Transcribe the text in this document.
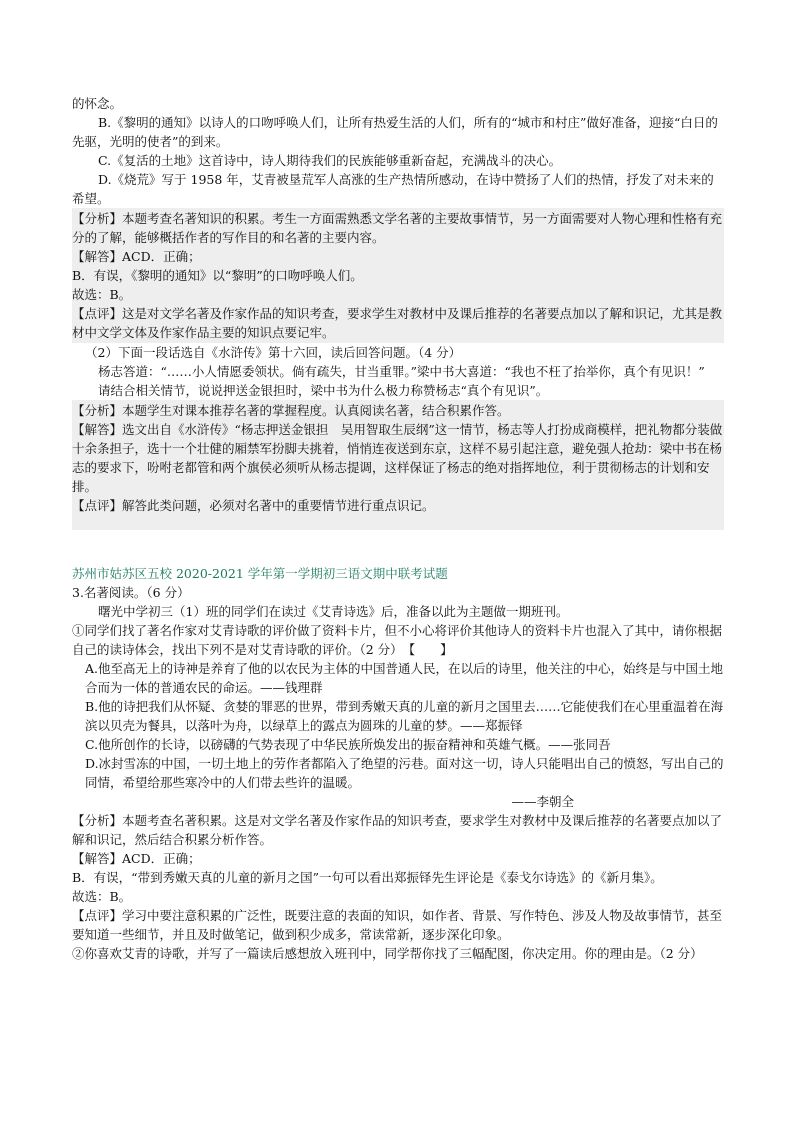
的怀念。

B.《黎明的通知》以诗人的口吻呼唤人们，让所有热爱生活的人们，所有的“城市和村庄”做好准备，迎接“白日的先驱，光明的使者”的到来。

C.《复活的土地》这首诗中，诗人期待我们的民族能够重新奋起，充满战斗的决心。

D.《烧荒》写于 1958 年，艾青被垦荒军人高涨的生产热情所感动，在诗中赞扬了人们的热情，抒发了对未来的希望。

【分析】本题考查名著知识的积累。考生一方面需熟悉文学名著的主要故事情节，另一方面需要对人物心理和性格有充分的了解，能够概括作者的写作目的和名著的主要内容。

【解答】ACD．正确；

B．有误，《黎明的通知》以“黎明”的口吻呼唤人们。

故选：B。

【点评】这是对文学名著及作家作品的知识考查，要求学生对教材中及课后推荐的名著要点加以了解和识记，尤其是教材中文学文体及作家作品主要的知识点要记牢。

（2）下面一段话选自《水浒传》第十六回，读后回答问题。（4 分）

杨志答道：“……小人情愿委领状。倘有疏失，甘当重罪。”梁中书大喜道：“我也不枉了抬举你，真个有见识！”

请结合相关情节，说说押送金银担时，梁中书为什么极力称赞杨志“真个有见识”。

【分析】本题学生对课本推荐名著的掌握程度。认真阅读名著，结合积累作答。

【解答】选文出自《水浒传》“杨志押送金银担　吴用智取生辰纲”这一情节，杨志等人打扮成商模样，把礼物都分装做十余条担子，选十一个壮健的厢禁军扮脚夫挑着，悄悄连夜送到东京，这样不易引起注意，避免强人抢劫：梁中书在杨志的要求下，吩咐老都管和两个旗侯必须听从杨志提调，这样保证了杨志的绝对指挥地位，利于贯彻杨志的计划和安排。

【点评】解答此类问题，必须对名著中的重要情节进行重点识记。

苏州市姑苏区五校 2020-2021 学年第一学期初三语文期中联考试题

3.名著阅读。（6 分）

曙光中学初三（1）班的同学们在读过《艾青诗选》后，准备以此为主题做一期班刊。

①同学们找了著名作家对艾青诗歌的评价做了资料卡片，但不小心将评价其他诗人的资料卡片也混入了其中，请你根据自己的读诗体会，找出下列不是对艾青诗歌的评价。（2 分）　【　　】

A.他至高无上的诗神是养育了他的以农民为主体的中国普通人民，在以后的诗里，他关注的中心，始终是与中国土地合而为一体的普通农民的命运。——钱理群

B.他的诗把我们从怀疑、贪婪的罪恶的世界，带到秀嫩天真的儿童的新月之国里去……它能使我们在心里重温着在海滨以贝壳为餐具，以落叶为舟，以绿草上的露点为圆珠的儿童的梦。——郑振铎

C.他所创作的长诗，以磅礴的气势表现了中华民族所焕发出的振奋精神和英雄气概。——张同吾

D.冰封雪冻的中国，一切土地上的劳作者都陷入了绝望的污巷。面对这一切，诗人只能唱出自己的愤怒，写出自己的同情，希望给那些寒冷中的人们带去些许的温暖。

——李朝全

【分析】本题考查名著积累。这是对文学名著及作家作品的知识考查，要求学生对教材中及课后推荐的名著要点加以了解和识记，然后结合积累分析作答。

【解答】ACD．正确；

B．有误，“带到秀嫩天真的儿童的新月之国”一句可以看出郑振铎先生评论是《泰戈尔诗选》的《新月集》。

故选：B。

【点评】学习中要注意积累的广泛性，既要注意的表面的知识，如作者、背景、写作特色、涉及人物及故事情节，甚至要知道一些细节，并且及时做笔记，做到积少成多，常读常新，逐步深化印象。

②你喜欢艾青的诗歌，并写了一篇读后感想放入班刊中，同学帮你找了三幅配图，你决定用。你的理由是。（2 分）
